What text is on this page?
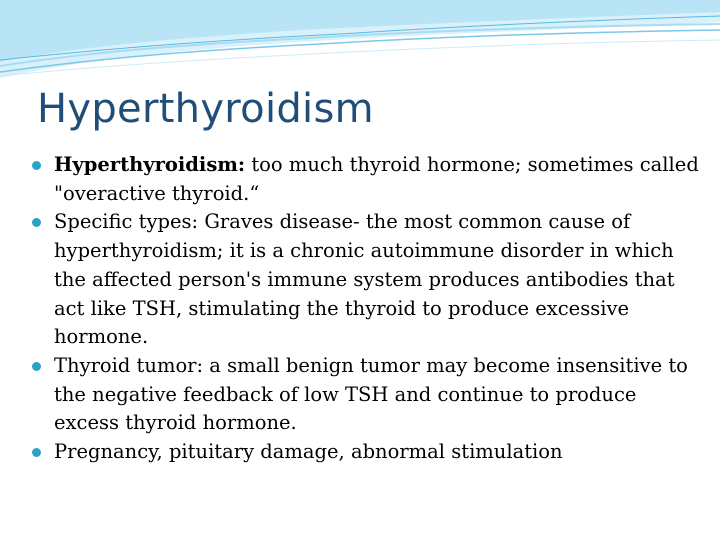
Hyperthyroidism
Hyperthyroidism: too much thyroid hormone; sometimes called "overactive thyroid.“
Specific types: Graves disease- the most common cause of hyperthyroidism; it is a chronic autoimmune disorder in which the affected person's immune system produces antibodies that act like TSH, stimulating the thyroid to produce excessive hormone.
Thyroid tumor: a small benign tumor may become insensitive to the negative feedback of low TSH and continue to produce excess thyroid hormone.
Pregnancy, pituitary damage, abnormal stimulation
